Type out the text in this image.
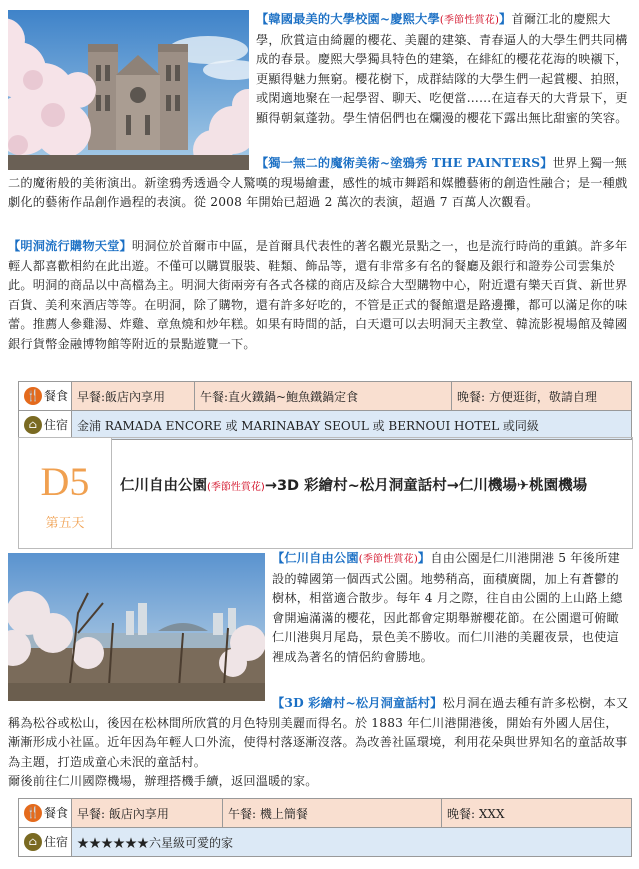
【韓國最美的大學校園~慶熙大學(季節性賞花)】首爾江北的慶熙大學，欣賞這由綺麗的櫻花、美麗的建築、青春逼人的大學生們共同構成的春景。慶熙大學獨具特色的建築，在緋紅的櫻花花海的映襯下，更顯得魅力無窮。櫻花樹下，成群結隊的大學生們一起賞櫻、拍照，或閑適地聚在一起學習、聊天、吃便當……在這春天的大背景下，更顯得朝氣蓬勃。學生情侶們也在爛漫的櫻花下露出無比甜蜜的笑容。
【獨一無二的魔術美術~塗鴉秀 THE PAINTERS】世界上獨一無二的魔術般的美術演出。新塗鴉秀透過令人驚嘆的現場繪畫，感性的城市舞蹈和媒體藝術的創造性融合；是一種戲劇化的藝術作品創作過程的表演。從 2008 年開始已超過 2 萬次的表演，超過 7 百萬人次觀看。
【明洞流行購物天堂】明洞位於首爾市中區，是首爾具代表性的著名觀光景點之一，也是流行時尚的重鎮。許多年輕人都喜歡相約在此出遊。不僅可以購買服裝、鞋類、飾品等，還有非常多有名的餐廳及銀行和證券公司雲集於此。明洞的商品以中高檔為主。明洞大街兩旁有各式各樣的商店及綜合大型購物中心，附近還有樂天百貨、新世界百貨、美利來酒店等等。在明洞，除了購物，還有許多好吃的，不管是正式的餐館還是路邊攤，都可以滿足你的味蕾。推薦人參雞湯、炸雞、章魚燒和炒年糕。如果有時間的話，白天還可以去明洞天主教堂、韓流影視場館及韓國銀行貨幣金融博物館等附近的景點遊覽一下。
🍴 餐食	早餐:飯店內享用	午餐:直火鐵鍋~鮑魚鐵鍋定食	晚餐: 方便逛街，敬請自理
⌂ 住宿	金浦 RAMADA ENCORE 或 MARINABAY SEOUL 或 BERNOUI HOTEL 或同級		
D5
第五天
仁川自由公園(季節性賞花)→3D 彩繪村~松月洞童話村→仁川機場✈桃園機場
【仁川自由公園(季節性賞花)】自由公園是仁川港開港 5 年後所建設的韓國第一個西式公園。地勢稍高，面積廣闊，加上有蒼鬱的樹林，相當適合散步。每年 4 月之際，往自由公園的上山路上總會開遍滿滿的櫻花，因此都會定期舉辦櫻花節。在公園還可俯瞰仁川港與月尾島，景色美不勝收。而仁川港的美麗夜景，也使這裡成為著名的情侶約會勝地。
【3D 彩繪村~松月洞童話村】松月洞在過去種有許多松樹，本又稱為松谷或松山，後因在松林間所欣賞的月色特別美麗而得名。於 1883 年仁川港開港後，開始有外國人居住，漸漸形成小社區。近年因為年輕人口外流，使得村落逐漸沒落。為改善社區環境，利用花朵與世界知名的童話故事為主題，打造成童心未泯的童話村。
爾後前往仁川國際機場，辦理搭機手續，返回溫暖的家。
🍴 餐食	早餐: 飯店內享用	午餐: 機上簡餐	晚餐: XXX
⌂ 住宿	★★★★★★六星級可愛的家		
